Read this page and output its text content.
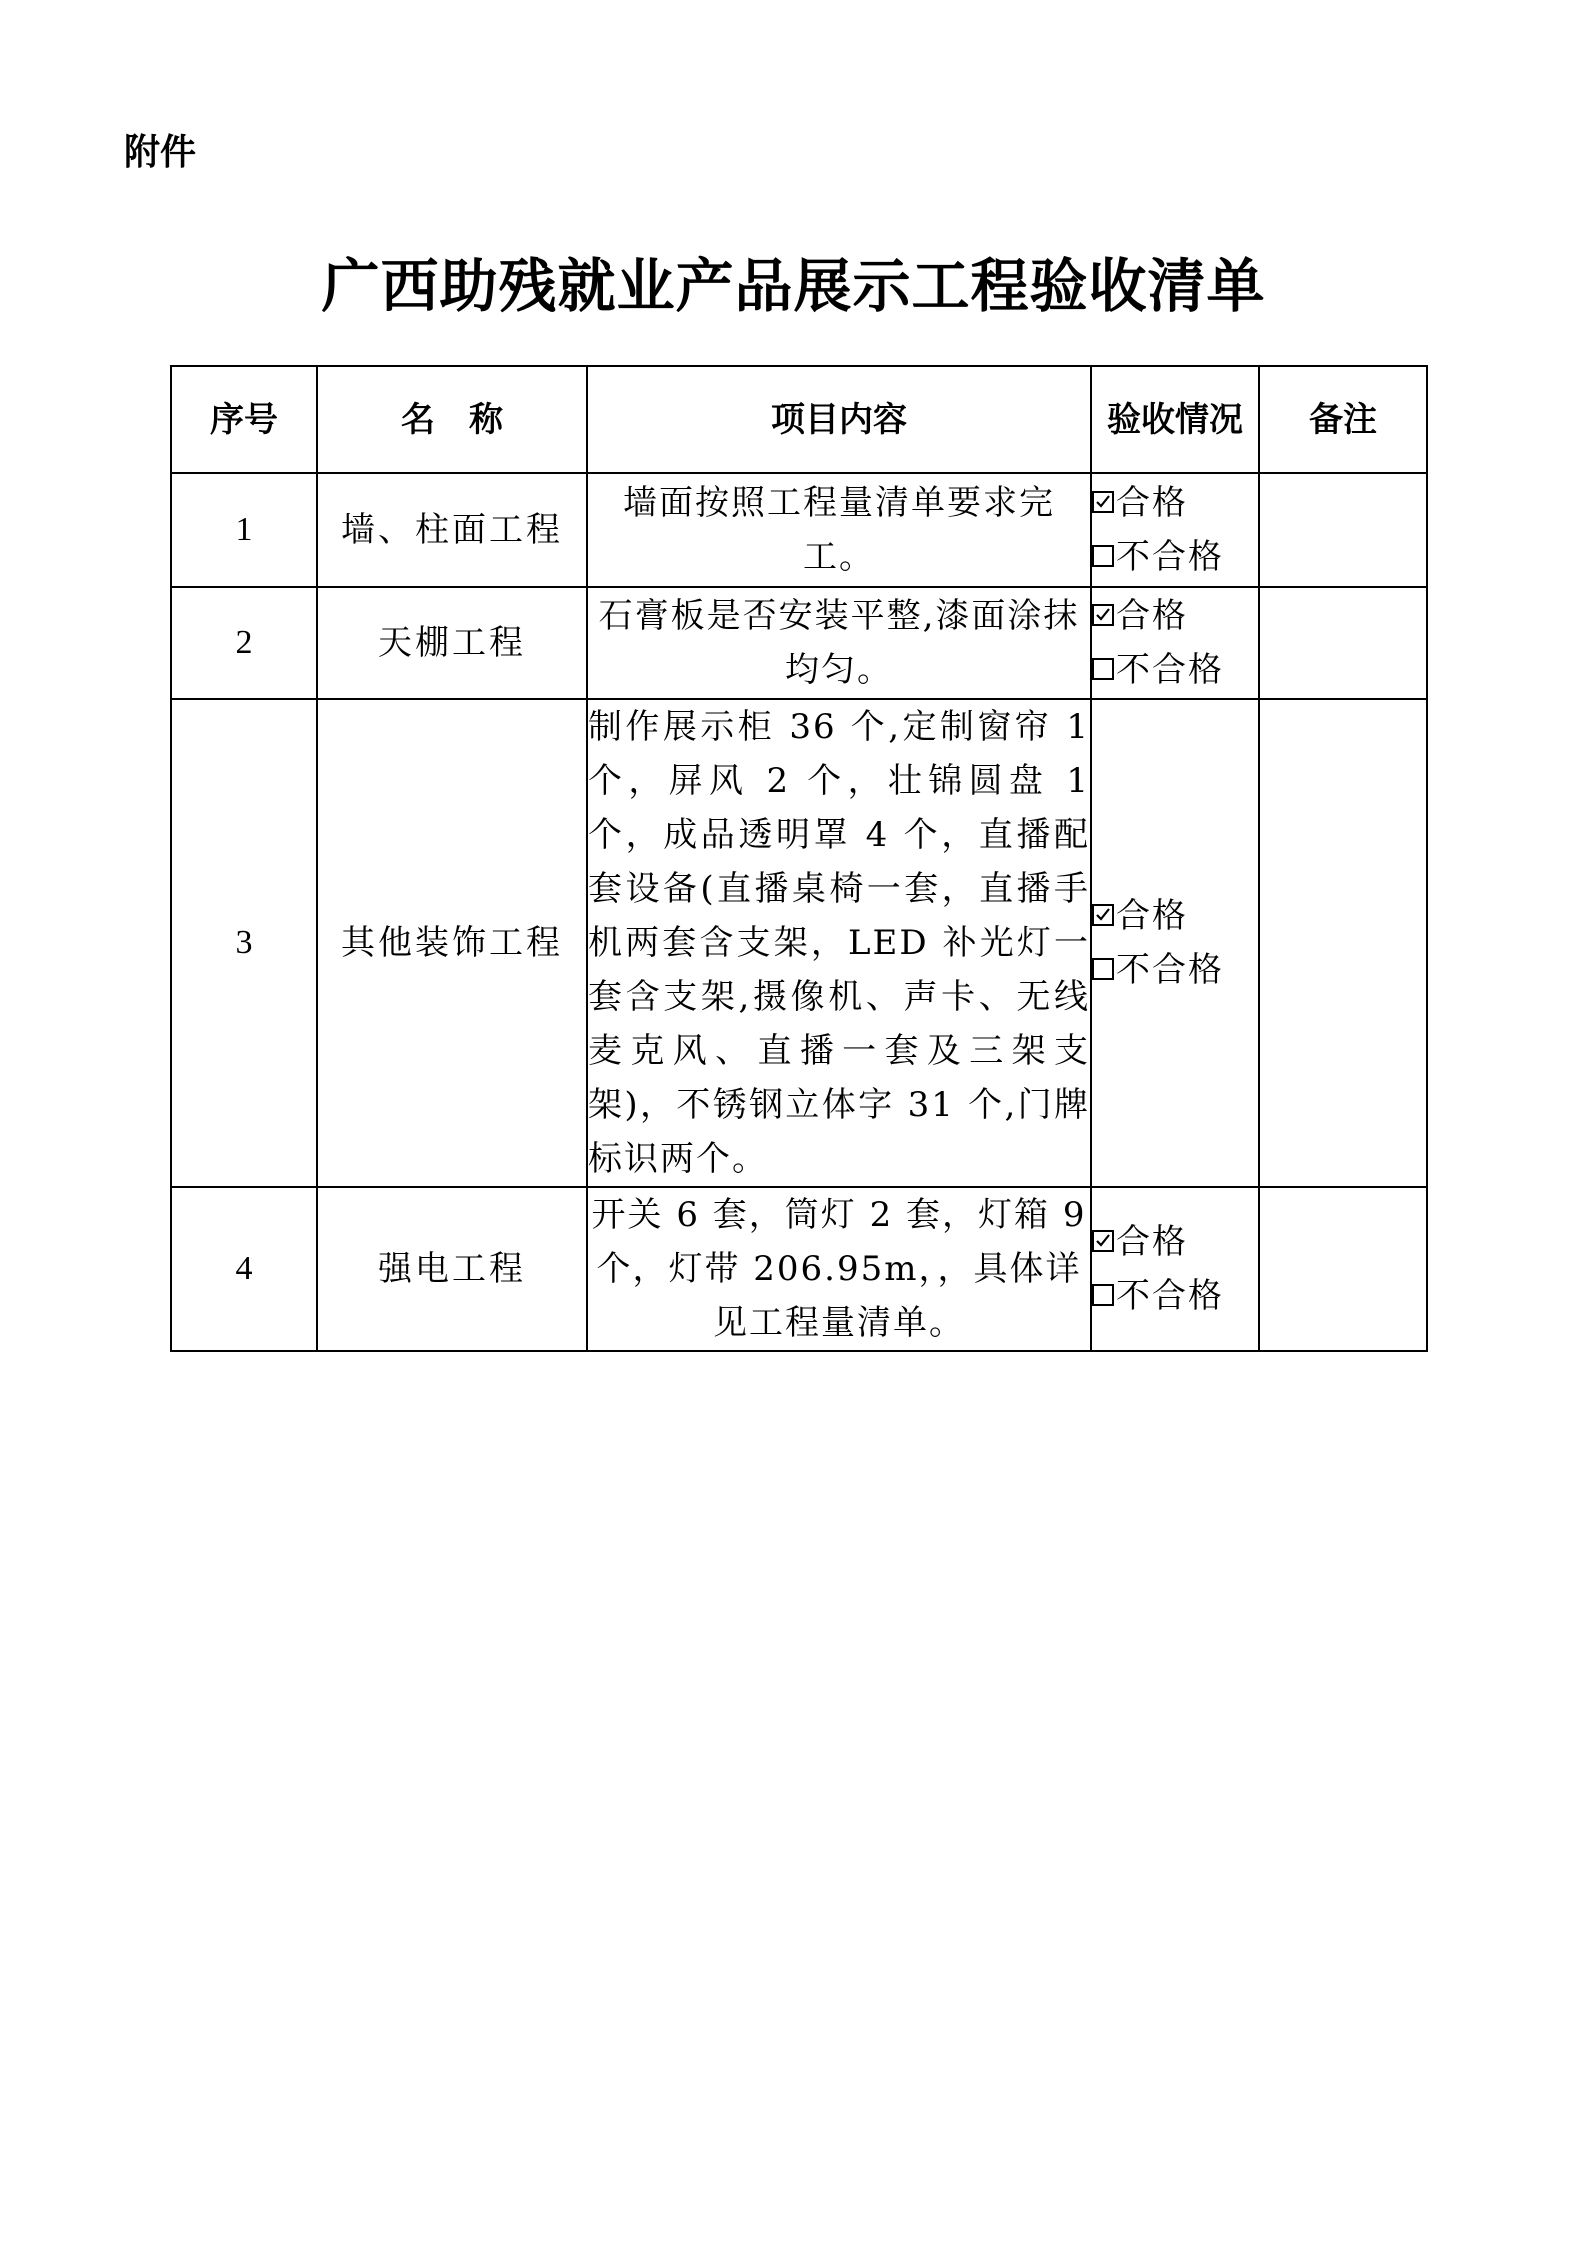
附件
广西助残就业产品展示工程验收清单
序号	名　称	项目内容	验收情况	备注
1	墙、柱面工程	墙面按照工程量清单要求完工。	合格
不合格	

2	天棚工程	石膏板是否安装平整,漆面涂抹均匀。	合格
不合格	

3	其他装饰工程	制作展示柜 36 个,定制窗帘 1 个，屏风 2 个，壮锦圆盘 1 个，成品透明罩 4 个，直播配套设备(直播桌椅一套，直播手机两套含支架，LED 补光灯一套含支架,摄像机、声卡、无线麦克风、直播一套及三架支架)，不锈钢立体字 31 个,门牌标识两个。	合格
不合格	

4	强电工程	开关 6 套，筒灯 2 套，灯箱 9 个，灯带 206.95m，，具体详见工程量清单。	合格
不合格	
